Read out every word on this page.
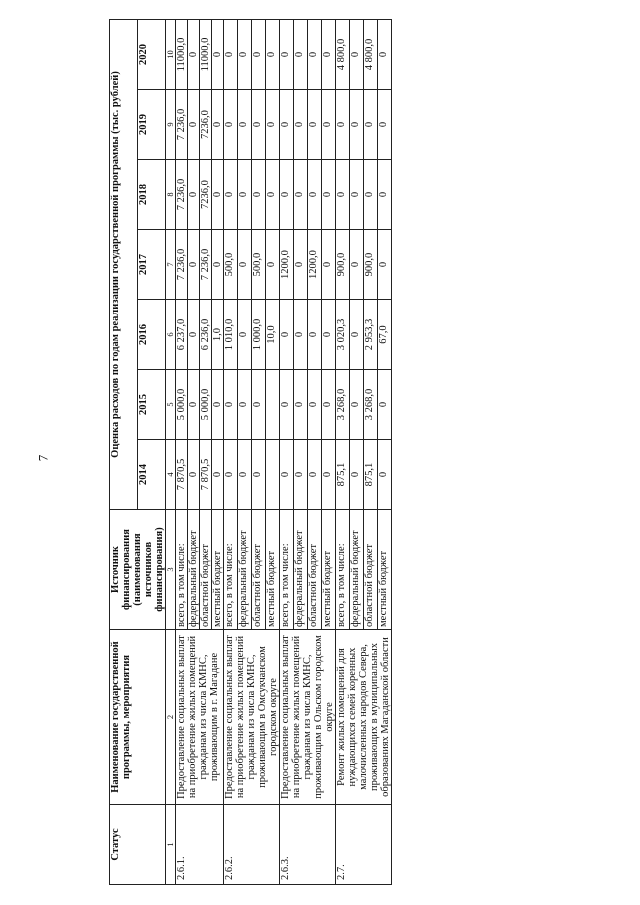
7
Статус	Наименование государственной программы, мероприятия	Источник финансирования (наименования источников финансирования)	Оценка расходов по годам реализации государственной программы (тыс. рублей)						
			2014	2015	2016	2017	2018	2019	2020
1	2	3	4	5	6	7	8	9	10
2.6.1.	Предоставление социальных выплат на приобретение жилых помещений гражданам из числа КМНС, проживающим в г. Магадане	всего, в том числе:	7 870,5	5 000,0	6 237,0	7 236,0	7 236,0	7 236,0	11000,0
		федеральный бюджет	0	0	0	0	0	0	0
		областной бюджет	7 870,5	5 000,0	6 236,0	7 236,0	7236,0	7236,0	11000,0
		местный бюджет	0	0	1,0	0	0	0	0
2.6.2.	Предоставление социальных выплат на приобретение жилых помещений гражданам из числа КМНС, проживающим в Омсукчанском городском округе	всего, в том числе:	0	0	1 010,0	500,0	0	0	0
		федеральный бюджет	0	0	0	0	0	0	0
		областной бюджет	0	0	1 000,0	500,0	0	0	0
		местный бюджет			10,0	0	0	0	0
2.6.3.	Предоставление социальных выплат на приобретение жилых помещений гражданам из числа КМНС, проживающим в Ольском городском округе	всего, в том числе:	0	0	0	1200,0	0	0	0
		федеральный бюджет	0	0	0	0	0	0	0
		областной бюджет	0	0	0	1200,0	0	0	0
		местный бюджет	0	0	0	0	0	0	0
2.7.	Ремонт жилых помещений для нуждающихся семей коренных малочисленных народов Севера, проживающих в муниципальных образованиях Магаданской области	всего, в том числе:	875,1	3 268,0	3 020,3	900,0	0	0	4 800,0
		федеральный бюджет	0	0	0	0	0	0	0
		областной бюджет	875,1	3 268,0	2 953,3	900,0	0	0	4 800,0
		местный бюджет	0	0	67,0	0	0	0	0
